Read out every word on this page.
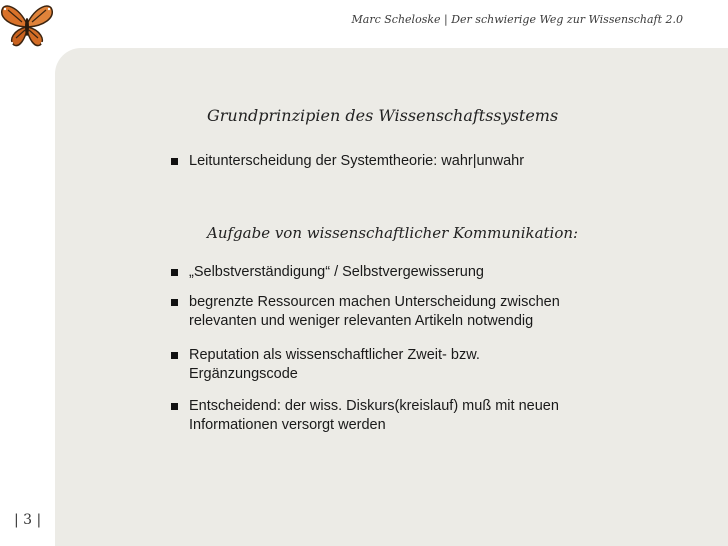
Marc Scheloske | Der schwierige Weg zur Wissenschaft 2.0
| 3 |
Grundprinzipien des Wissenschaftssystems
Leitunterscheidung der Systemtheorie: wahr|unwahr
Aufgabe von wissenschaftlicher Kommunikation:
„Selbstverständigung“ / Selbstvergewisserung
begrenzte Ressourcen machen Unterscheidung zwischen
relevanten und weniger relevanten Artikeln notwendig
Reputation als wissenschaftlicher Zweit- bzw.
Ergänzungscode
Entscheidend: der wiss. Diskurs(kreislauf) muß mit neuen
Informationen versorgt werden
